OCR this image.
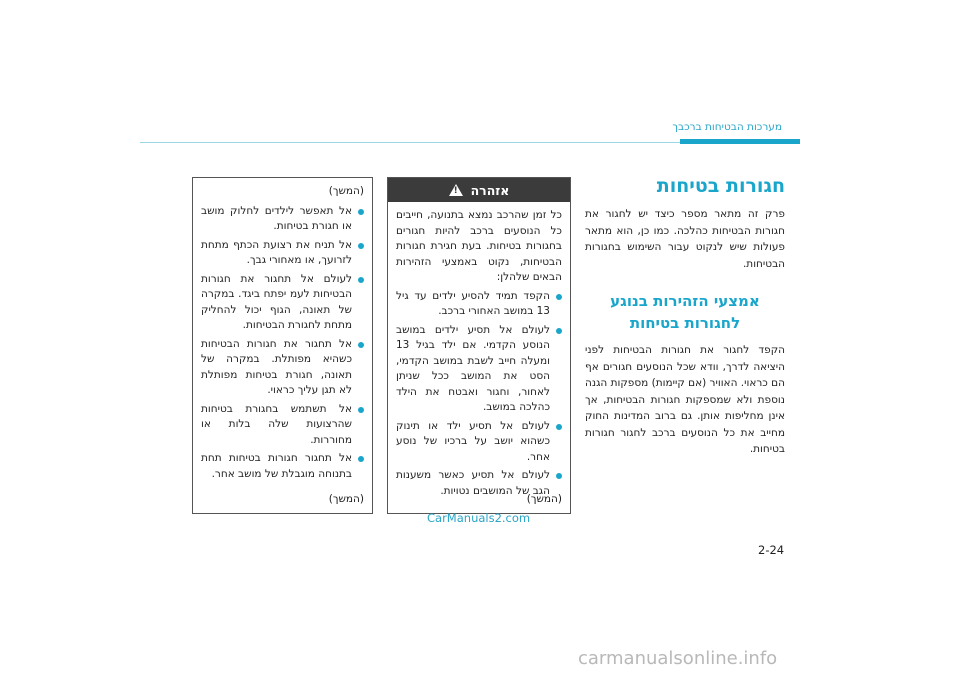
מערכות הבטיחות ברכבך
חגורות בטיחות

פרק זה מתאר מספר כיצד יש לחגור את חגורות הבטיחות כהלכה. כמו כן, הוא מתאר פעולות שיש לנקוט עבור השימוש בחגורות הבטיחות.

אמצעי הזהירות בנוגע לחגורות בטיחות

הקפד לחגור את חגורות הבטיחות לפני היציאה לדרך, וודא שכל הנוסעים חגורים אף הם כראוי. האוויר (אם קיימות) מספקות הגנה נוספת ולא שמספקות חגורות הבטיחות, אך אינן מחליפות אותן. גם ברוב המדינות החוק מחייב את כל הנוסעים ברכב לחגור חגורות בטיחות.

אזהרה
!

כל זמן שהרכב נמצא בתנועה, חייבים כל הנוסעים ברכב להיות חגורים בחגורות בטיחות. בעת חגירת חגורות הבטיחות, נקוט באמצעי הזהירות הבאים שלהלן:

הקפד תמיד להסיע ילדים עד גיל 13 במושב האחורי ברכב.
לעולם אל תסיע ילדים במושב הנוסע הקדמי. אם ילד בגיל 13 ומעלה חייב לשבת במושב הקדמי, הסט את המושב ככל שניתן לאחור, וחגור ואבטח את הילד כהלכה במושב.
לעולם אל תסיע ילד או תינוק כשהוא יושב על ברכיו של נוסע אחר.
לעולם אל תסיע כאשר משענות הגב של המושבים נטויות.
(המשך)
(המשך)
אל תאפשר לילדים לחלוק מושב או חגורת בטיחות.
אל תניח את רצועת הכתף מתחת לזרועך, או מאחורי גבך.
לעולם אל תחגור את חגורות הבטיחות לעמ יפתח ביגד. במקרה של תאונה, הגוף יכול להחליק מתחת לחגורת הבטיחות.
אל תחגור את חגורות הבטיחות כשהיא מפותלת. במקרה של תאונה, חגורת בטיחות מפותלת לא תגן עליך כראוי.
אל תשתמש בחגורת בטיחות שהרצועות שלה בלות או מחוררות.
אל תחגור חגורות בטיחות תחת בתנוחה מוגבלת של מושב אחר.
(המשך)
CarManuals2.com
2-24
carmanualsonline.info
